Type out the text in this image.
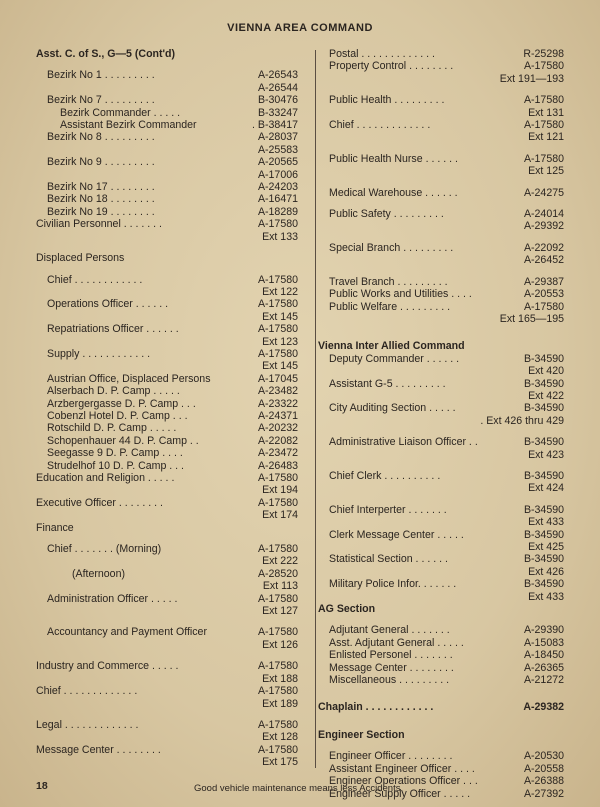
VIENNA AREA COMMAND
Asst. C. of S., G—5 (Cont'd)
Bezirk No 1 . . . . . . . . .	A-26543
A-26544
Bezirk No 7 . . . . . . . . .	B-30476
Bezirk Commander . . . . .	B-33247
Assistant Bezirk Commander	. B-38417
Bezirk No 8 . . . . . . . . .	A-28037
A-25583
Bezirk No 9 . . . . . . . . .	A-20565
A-17006
Bezirk No 17 . . . . . . . .	A-24203
Bezirk No 18 . . . . . . . .	A-16471
Bezirk No 19 . . . . . . . .	A-18289
Civilian Personnel . . . . . . .	A-17580
Ext 133
Displaced Persons
Chief . . . . . . . . . . . .	A-17580
Ext 122
Operations Officer . . . . . .	A-17580
Ext 145
Repatriations Officer . . . . . .	A-17580
Ext 123
Supply . . . . . . . . . . . .	A-17580
Ext 145
Austrian Office, Displaced Persons	A-17045
Alserbach D. P. Camp . . . . .	A-23482
Arzbergergasse D. P. Camp . . .	A-23322
Cobenzl Hotel D. P. Camp . . .	A-24371
Rotschild D. P. Camp . . . . .	A-20232
Schopenhauer 44 D. P. Camp . .	A-22082
Seegasse 9 D. P. Camp . . . .	A-23472
Strudelhof 10 D. P. Camp . . .	A-26483
Education and Religion . . . . .	A-17580
Ext 194
Executive Officer . . . . . . . .	A-17580
Ext 174
Finance
Chief . . . . . . . (Morning)	A-17580
Ext 222
(Afternoon)	A-28520
Ext 113
Administration Officer . . . . .	A-17580
Ext 127
Accountancy and Payment Officer	A-17580
Ext 126
Industry and Commerce . . . . .	A-17580
Ext 188
Chief . . . . . . . . . . . . .	A-17580
Ext 189
Legal . . . . . . . . . . . . .	A-17580
Ext 128
Message Center . . . . . . . .	A-17580
Ext 175
Postal . . . . . . . . . . . . .	R-25298
Property Control . . . . . . . .	A-17580
Ext 191—193
Public Health . . . . . . . . .	A-17580
Ext 131
Chief . . . . . . . . . . . . .	A-17580
Ext 121
Public Health Nurse . . . . . .	A-17580
Ext 125
Medical Warehouse . . . . . .	A-24275
Public Safety . . . . . . . . .	A-24014
A-29392
Special Branch . . . . . . . . .	A-22092
A-26452
Travel Branch . . . . . . . . .	A-29387
Public Works and Utilities . . . .	A-20553
Public Welfare . . . . . . . . .	A-17580
Ext 165—195
Vienna Inter Allied Command
Deputy Commander . . . . . .	B-34590
Ext 420
Assistant G-5 . . . . . . . . .	B-34590
Ext 422
City Auditing Section . . . . .	B-34590
. Ext 426 thru 429
Administrative Liaison Officer . .	B-34590
Ext 423
Chief Clerk . . . . . . . . . .	B-34590
Ext 424
Chief Interperter . . . . . . .	B-34590
Ext 433
Clerk Message Center . . . . .	B-34590
Ext 425
Statistical Section . . . . . .	B-34590
Ext 426
Military Police Infor. . . . . . .	B-34590
Ext 433
AG Section
Adjutant General . . . . . . .	A-29390
Asst. Adjutant General . . . . .	A-15083
Enlisted Personel . . . . . . .	A-18450
Message Center . . . . . . . .	A-26365
Miscellaneous . . . . . . . . .	A-21272
Chaplain . . . . . . . . . . . .	A-29382
Engineer Section
Engineer Officer . . . . . . . .	A-20530
Assistant Engineer Officer . . . .	A-20558
Engineer Operations Officer . . .	A-26388
Engineer Supply Officer . . . . .	A-27392
18	Good vehicle maintenance means less Accidents.
